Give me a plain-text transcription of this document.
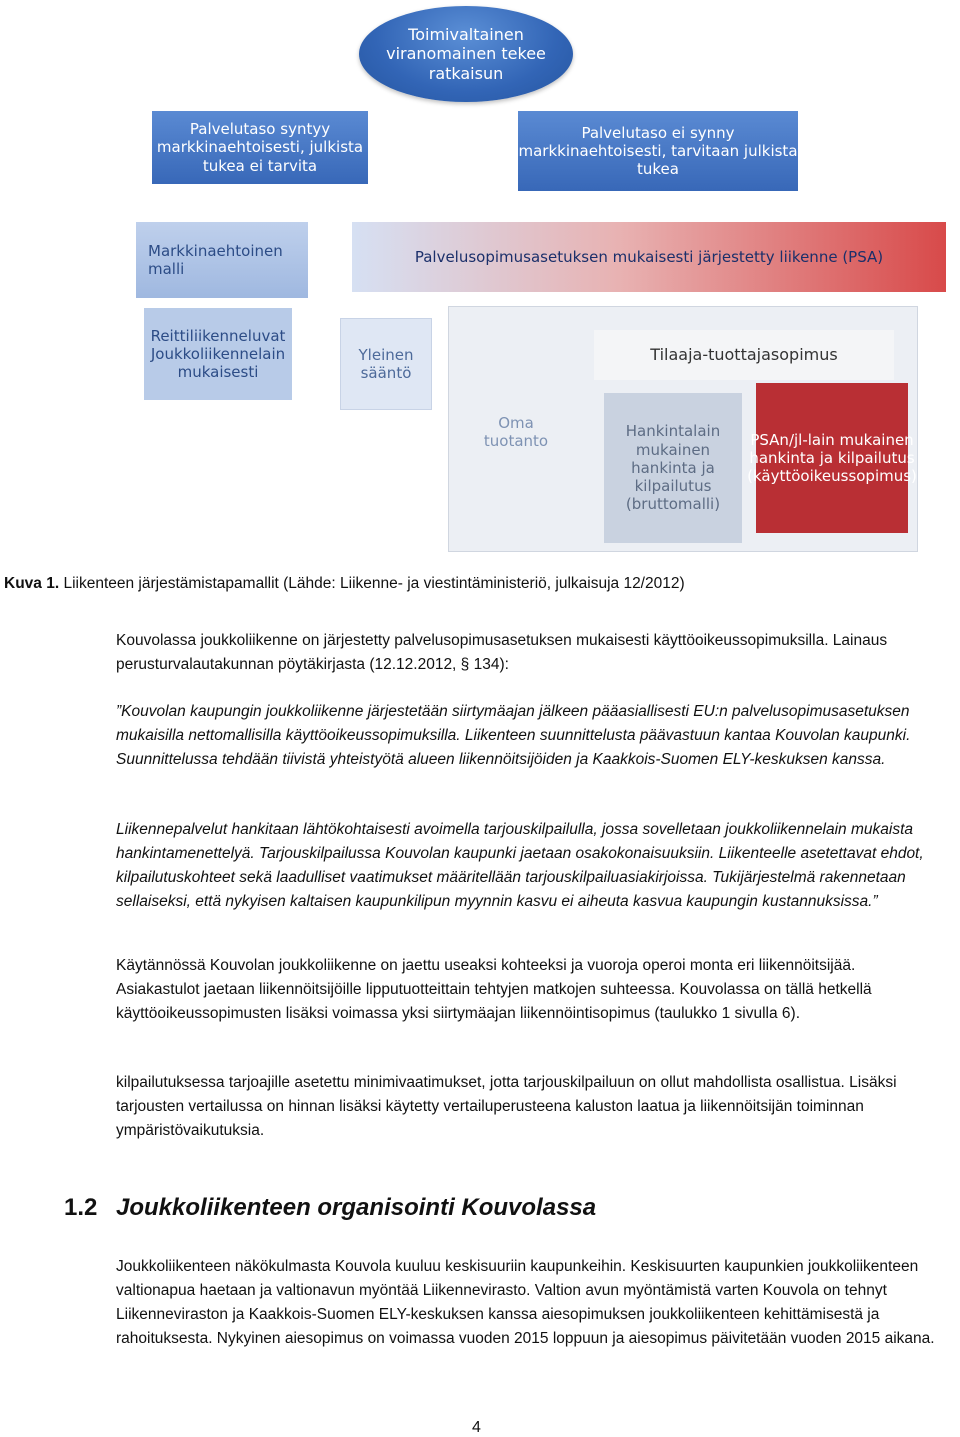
Toimivaltainen viranomainen tekee ratkaisun
Palvelutaso syntyy markkinaehtoisesti, julkista tukea ei tarvita
Palvelutaso ei synny markkinaehtoisesti, tarvitaan julkista tukea
Markkinaehtoinen malli
Palvelusopimusasetuksen mukaisesti järjestetty liikenne (PSA)
Reittiliikenneluvat Joukkoliikennelain mukaisesti
Yleinen sääntö
Tilaaja-tuottajasopimus
Oma tuotanto
Hankintalain mukainen hankinta ja kilpailutus (bruttomalli)
PSAn/jl-lain mukainen hankinta ja kilpailutus (käyttöoikeussopimus)
Kuva 1. Liikenteen järjestämistapamallit (Lähde: Liikenne- ja viestintäministeriö, julkaisuja 12/2012)

Kouvolassa joukkoliikenne on järjestetty palvelusopimusasetuksen mukaisesti käyttöoikeussopimuksilla. Lainaus perusturvalautakunnan pöytäkirjasta (12.12.2012, § 134):

”Kouvolan kaupungin joukkoliikenne järjestetään siirtymäajan jälkeen pääasiallisesti EU:n palvelusopimusasetuksen mukaisilla nettomallisilla käyttöoikeussopimuksilla. Liikenteen suunnittelusta päävastuun kantaa Kouvolan kaupunki. Suunnittelussa tehdään tiivistä yhteistyötä alueen liikennöitsijöiden ja Kaakkois-Suomen ELY-keskuksen kanssa.

Liikennepalvelut hankitaan lähtökohtaisesti avoimella tarjouskilpailulla, jossa sovelletaan joukkoliikennelain mukaista hankintamenettelyä. Tarjouskilpailussa Kouvolan kaupunki jaetaan osakokonaisuuksiin. Liikenteelle asetettavat ehdot, kilpailutuskohteet sekä laadulliset vaatimukset määritellään tarjouskilpailuasiakirjoissa. Tukijärjestelmä rakennetaan sellaiseksi, että nykyisen kaltaisen kaupunkilipun myynnin kasvu ei aiheuta kasvua kaupungin kustannuksissa.”

Käytännössä Kouvolan joukkoliikenne on jaettu useaksi kohteeksi ja vuoroja operoi monta eri liikennöitsijää. Asiakastulot jaetaan liikennöitsijöille lipputuotteittain tehtyjen matkojen suhteessa. Kouvolassa on tällä hetkellä käyttöoikeussopimusten lisäksi voimassa yksi siirtymäajan liikennöintisopimus (taulukko 1 sivulla 6).

kilpailutuksessa tarjoajille asetettu minimivaatimukset, jotta tarjouskilpailuun on ollut mahdollista osallistua. Lisäksi tarjousten vertailussa on hinnan lisäksi käytetty vertailuperusteena kaluston laatua ja liikennöitsijän toiminnan ympäristövaikutuksia.

1.2 Joukkoliikenteen organisointi Kouvolassa

Joukkoliikenteen näkökulmasta Kouvola kuuluu keskisuuriin kaupunkeihin. Keskisuurten kaupunkien joukkoliikenteen valtionapua haetaan ja valtionavun myöntää Liikennevirasto. Valtion avun myöntämistä varten Kouvola on tehnyt Liikenneviraston ja Kaakkois-Suomen ELY-keskuksen kanssa aiesopimuksen joukkoliikenteen kehittämisestä ja rahoituksesta. Nykyinen aiesopimus on voimassa vuoden 2015 loppuun ja aiesopimus päivitetään vuoden 2015 aikana.

4
